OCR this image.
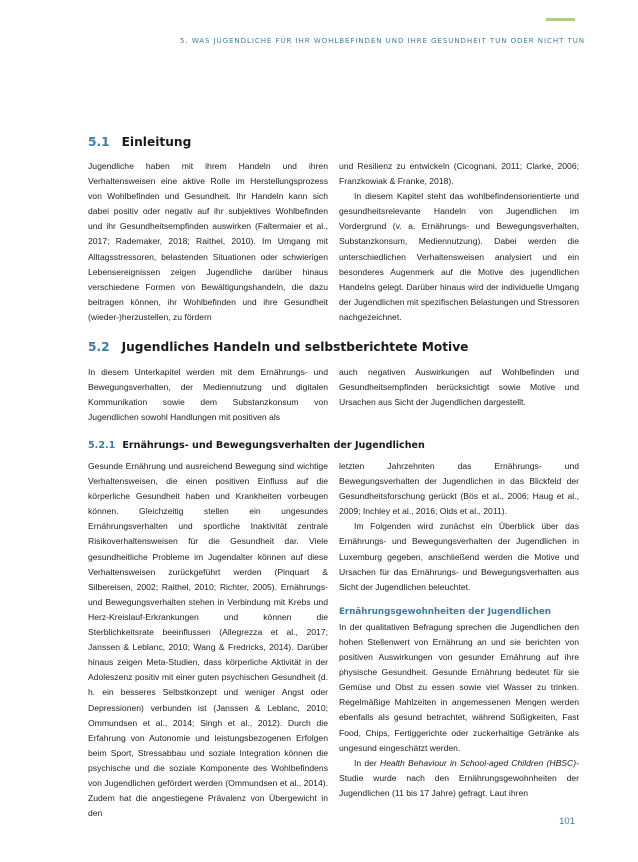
5. WAS JUGENDLICHE FÜR IHR WOHLBEFINDEN UND IHRE GESUNDHEIT TUN ODER NICHT TUN
5.1 Einleitung

Jugendliche haben mit ihrem Handeln und ihren Verhaltensweisen eine aktive Rolle im Herstellungsprozess von Wohlbefinden und Gesundheit. Ihr Handeln kann sich dabei positiv oder negativ auf ihr subjektives Wohlbefinden und ihr Gesundheitsempfinden auswirken (Faltermaier et al., 2017; Rademaker, 2018; Raithel, 2010). Im Umgang mit Alltagsstressoren, belastenden Situationen oder schwierigen Lebensereignissen zeigen Jugendliche darüber hinaus verschiedene Formen von Bewältigungshandeln, die dazu beitragen können, ihr Wohlbefinden und ihre Gesundheit (wieder-)herzustellen, zu fördern

und Resilienz zu entwickeln (Cicognani, 2011; Clarke, 2006; Franzkowiak & Franke, 2018).

In diesem Kapitel steht das wohlbefindensorientierte und gesundheitsrelevante Handeln von Jugendlichen im Vordergrund (v. a. Ernährungs- und Bewegungsverhalten, Substanzkonsum, Mediennutzung). Dabei werden die unterschiedlichen Verhaltensweisen analysiert und ein besonderes Augenmerk auf die Motive des jugendlichen Handelns gelegt. Darüber hinaus wird der individuelle Umgang der Jugendlichen mit spezifischen Belastungen und Stressoren nachgezeichnet.

5.2 Jugendliches Handeln und selbstberichtete Motive

In diesem Unterkapitel werden mit dem Ernährungs- und Bewegungsverhalten, der Mediennutzung und digitalen Kommunikation sowie dem Substanzkonsum von Jugendlichen sowohl Handlungen mit positiven als

auch negativen Auswirkungen auf Wohlbefinden und Gesundheitsempfinden berücksichtigt sowie Motive und Ursachen aus Sicht der Jugendlichen dargestellt.

5.2.1 Ernährungs- und Bewegungsverhalten der Jugendlichen

Gesunde Ernährung und ausreichend Bewegung sind wichtige Verhaltensweisen, die einen positiven Einfluss auf die körperliche Gesundheit haben und Krankheiten vorbeugen können. Gleichzeitig stellen ein ungesundes Ernährungsverhalten und sportliche Inaktivität zentrale Risikoverhaltensweisen für die Gesundheit dar. Viele gesundheitliche Probleme im Jugendalter können auf diese Verhaltensweisen zurückgeführt werden (Pinquart & Silbereisen, 2002; Raithel, 2010; Richter, 2005). Ernährungs- und Bewegungsverhalten stehen in Verbindung mit Krebs und Herz-Kreislauf-Erkrankungen und können die Sterblichkeitsrate beeinflussen (Allegrezza et al., 2017; Janssen & Leblanc, 2010; Wang & Fredricks, 2014). Darüber hinaus zeigen Meta-Studien, dass körperliche Aktivität in der Adoleszenz positiv mit einer guten psychischen Gesundheit (d. h. ein besseres Selbstkonzept und weniger Angst oder Depressionen) verbunden ist (Janssen & Leblanc, 2010; Ommundsen et al., 2014; Singh et al., 2012). Durch die Erfahrung von Autonomie und leistungsbezogenen Erfolgen beim Sport, Stressabbau und soziale Integration können die psychische und die soziale Komponente des Wohlbefindens von Jugendlichen gefördert werden (Ommundsen et al., 2014). Zudem hat die angestiegene Prävalenz von Übergewicht in den

letzten Jahrzehnten das Ernährungs- und Bewegungsverhalten der Jugendlichen in das Blickfeld der Gesundheitsforschung gerückt (Bös et al., 2006; Haug et al., 2009; Inchley et al., 2016; Olds et al., 2011).

Im Folgenden wird zunächst ein Überblick über das Ernährungs- und Bewegungsverhalten der Jugendlichen in Luxemburg gegeben, anschließend werden die Motive und Ursachen für das Ernährungs- und Bewegungsverhalten aus Sicht der Jugendlichen beleuchtet.

Ernährungsgewohnheiten der Jugendlichen

In der qualitativen Befragung sprechen die Jugendlichen den hohen Stellenwert von Ernährung an und sie berichten von positiven Auswirkungen von gesunder Ernährung auf ihre physische Gesundheit. Gesunde Ernährung bedeutet für sie Gemüse und Obst zu essen sowie viel Wasser zu trinken. Regelmäßige Mahlzeiten in angemessenen Mengen werden ebenfalls als gesund betrachtet, während Süßigkeiten, Fast Food, Chips, Fertiggerichte oder zuckerhaltige Getränke als ungesund eingeschätzt werden.

In der Health Behaviour in School-aged Children (HBSC)-Studie wurde nach den Ernährungsgewohnheiten der Jugendlichen (11 bis 17 Jahre) gefragt. Laut ihren

101
